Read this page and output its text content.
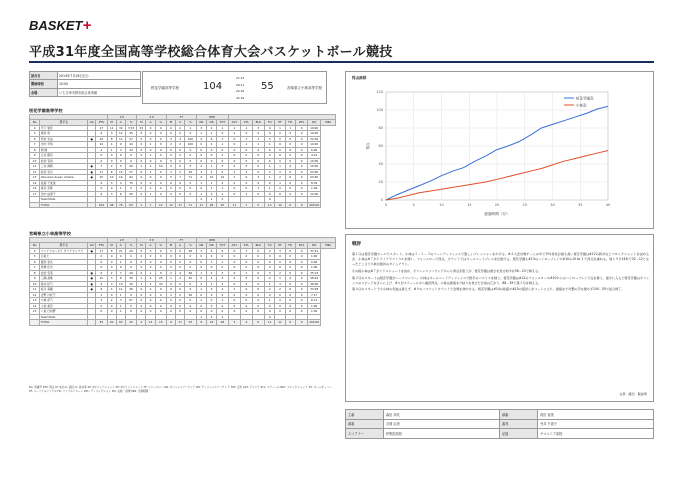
BASKET+
平成31年度全国高等学校総合体育大会バスケットボール競技
試合日	2019年7月28日(日)
開始時刻	10:00
会場	いちき串木野市総合体育館
桜花学園高等学校 104
27-12
29-11
24-16
24-16
55	宮崎県立小林高等学校
桜花学園高等学校
				2 P			3 P			FT			REB											
No	選手名	GS	PTS	M	A	%	M	A	%	M	A	%	OR	DR	TOT	AST	STL	BLK	TO	PF	FD	DFL	DQ	MIN
4	平下 愛佳		17	12	30	7/13	53	0	0	0	2	1	3	2	1	1	1	3	0	1	1	0	19:00	
5	岡田 英		6	3	12	25	0	0	0	0	0	0	1	1	0	0	0	0	0	0	0	0	10:00	
6	西村 光由	●	20	8	14	57	0	0	0	4	4	100	4	6	1	0	1	2	3	0	0	0	22:00	
7	田中 平和		10	4	9	44	0	2	0	2	2	100	0	2	1	0	1	1	1	0	0	0	19:00	
8	朝 隆		2	1	3	33	0	0	0	0	0	0	0	0	0	0	0	0	0	0	0	0	6:00	
9	江村 優有		0	0	0	0	0	1	0	0	2	0	0	0	1	0	0	0	0	0	0	0	4:21	
10	前田 有香		0	0	0	0	0	0	0	0	0	0	0	0	0	0	0	0	0	0	0	0	10:00	
11	三井 真帆	●	7	2	5	40	1	2	50	0	0	0	2	1	3	2	0	0	1	1	0	0	19:00	
12	前田 芽衣	●	17	8	14	57	0	1	0	1	2	50	3	2	5	1	1	0	2	2	0	0	23:00	
13	Okonkwo Susan Amaka	●	25	10	16	63	0	0	0	5	7	71	4	10	14	1	0	3	1	2	0	0	23:00	
14	佐藤 千愛美		6	3	4	75	0	0	0	0	0	0	1	1	2	0	0	0	0	1	0	0	8:39	
15	富田 奈都		0	0	1	0	0	1	0	0	0	0	0	1	1	0	0	1	1	0	0	0	1:06	
17	田中 由津子		6	3	6	50	0	1	0	0	0	0	1	0	1	0	1	0	0	0	0	0	12:00	
	TeamStats												2	1	3				0					
	TOTAL		104	48	76	63	1	7	14	12	17	71	17	28	45	11	7	5	13	12	0	0	200:00	
宮崎県立小林高等学校
				2 P			3 P			FT			REB											
No	選手名	GS	PTS	M	A	%	M	A	%	M	A	%	OR	DR	TOT	AST	STL	BLK	TO	PF	FD	DFL	DQ	MIN
4	ファイズモーゼイ サラアヤンワク	●	17	6	21	29	0	3	0	5	9	56	3	6	9	0	1	0	2	3	0	0	37:21	
5	石坂 仁		0	0	0	0	0	0	0	0	0	0	0	0	0	0	0	0	0	0	0	0	1:00	
6	園田 金丸		0	0	1	0	0	0	0	0	0	0	0	1	1	0	0	0	0	0	0	0	0:00	
7	馬場 佳未		0	0	0	0	0	0	0	0	0	0	0	0	0	0	0	0	0	0	0	0	1:00	
8	池田 安菜	●	6	2	7	29	0	1	0	2	4	50	1	2	3	0	1	0	3	2	0	0	35:13	
9	三隅 美唯	●	10	3	8	38	1	4	25	1	2	50	0	4	4	2	0	0	2	1	0	0	38:44	
10	徳永 紀乃	●	9	3	10	30	1	3	33	0	0	0	2	1	3	0	2	0	1	3	0	0	36:06	
11	坂口 菜穂	●	8	4	11	36	0	2	0	0	0	0	1	3	4	1	0	0	2	2	0	0	33:28	
12	吉野 沙紀子		1	0	1	0	0	0	0	1	2	50	0	0	0	0	0	0	0	0	0	0	7:17	
13	大城 花乃		4	2	3	67	0	0	0	0	0	0	1	0	1	0	0	0	1	0	0	0	6:11	
14	上松 美有		0	0	1	0	0	0	0	0	0	0	0	0	0	0	0	0	0	0	0	0	1:00	
15	八坂 日向野		0	0	1	0	0	0	0	0	0	0	0	0	0	0	0	0	0	0	0	0	1:00	
	TeamStats												1	2	3				0					
	TOTAL		55	20	63	32	2	13	15	9	17	53	9	19	28	3	4	0	11	11	0	0	200:00	
No: 背番号 PTS: 得点 M: 成功 A: 試投 %: 成功率 2P: 2ポイントショット 3P: 3ポイントショット FT: フリースロー OR: オフェンスリバウンド DR: ディフェンスリバウンド TOT: 合計 AST: アシスト STL: スティール BLK: ブロックショット TO: ターンオーバー PF: パーソナルファウル FD: ファウルドローン DFL: ディフレクション DQ: 失格・退場 MIN: 出場時間
得点推移
0
20
40
60
80
100
120
0	5	10	15	20	25	30	35	40
経過時間（分）
得点
桜花学園高
小林高
戦評

第１Ｑは桜花学園ボールでスタート。小林は１－１－３のゾーンディフェンスで激しいプレッシャーをかける。#４大会出場チームの中で平均身長が最も高い桜花学園は#12の新井などブロックショットを決めるが、小林は#７がドライブでファウルを誘い、フリースローで得点。カウントではオールコートプレスを仕掛ける。桜花学園も#13のハイローブレイや#10の10 to 1 で得点を重ねる。残り９分14秒で32－12となったところで小林が最初のタイムアウト。

その後小林は#７がミドルシュートを決め、オフェンスリバウンドからも得点を狙うが、桜花学園は強さを見せ前半を56－23で終える。

第２Ｑのスタートは桜花学園がハーフマンツー。小林はオールコートディフェンスで相手のパスミスを誘う。桜花学園は#12のフリースローや#10からのハイローブレイで点を奪う。後半に入ると桜花学園はオフェンスのスピードをさらに上げ、#６がスティールから連続得点。小林は最後まで粘りを見せたが差は広がり、88－39で第３Ｑを終える。

第４Ｑのスタートでも小林の気迫は衰えず、#９のバスケットカウントで会場を沸かせる。桜花学園は#14の佐藤や#15の富田らがコートに立ち、最後まで攻撃の手を緩めず104－55で試合終了。

文責：濱田　聡美男
主審	森田 邦代	副審	荻田 裕美
副審	吉岡 由美	審判	寺井 千恵子
スコアラー	伊集院高校	記録	ヤマユニア高校
